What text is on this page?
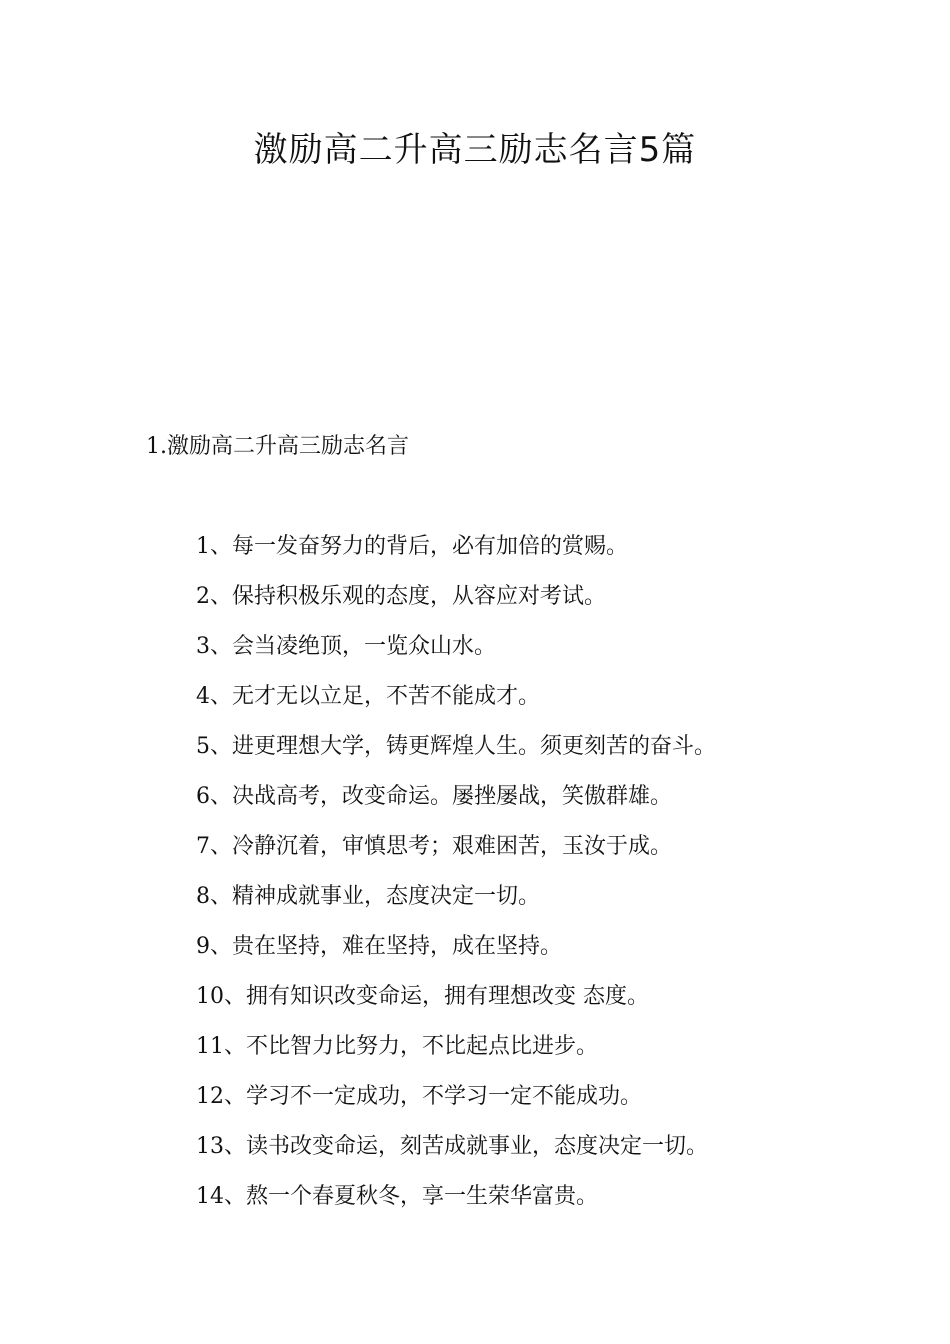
激励高二升高三励志名言5篇
1.激励高二升高三励志名言
1、每一发奋努力的背后，必有加倍的赏赐。
2、保持积极乐观的态度，从容应对考试。
3、会当凌绝顶，一览众山水。
4、无才无以立足，不苦不能成才。
5、进更理想大学，铸更辉煌人生。须更刻苦的奋斗。
6、决战高考，改变命运。屡挫屡战，笑傲群雄。
7、冷静沉着，审慎思考；艰难困苦，玉汝于成。
8、精神成就事业，态度决定一切。
9、贵在坚持，难在坚持，成在坚持。
10、拥有知识改变命运，拥有理想改变 态度。
11、不比智力比努力，不比起点比进步。
12、学习不一定成功，不学习一定不能成功。
13、读书改变命运，刻苦成就事业，态度决定一切。
14、熬一个春夏秋冬，享一生荣华富贵。
